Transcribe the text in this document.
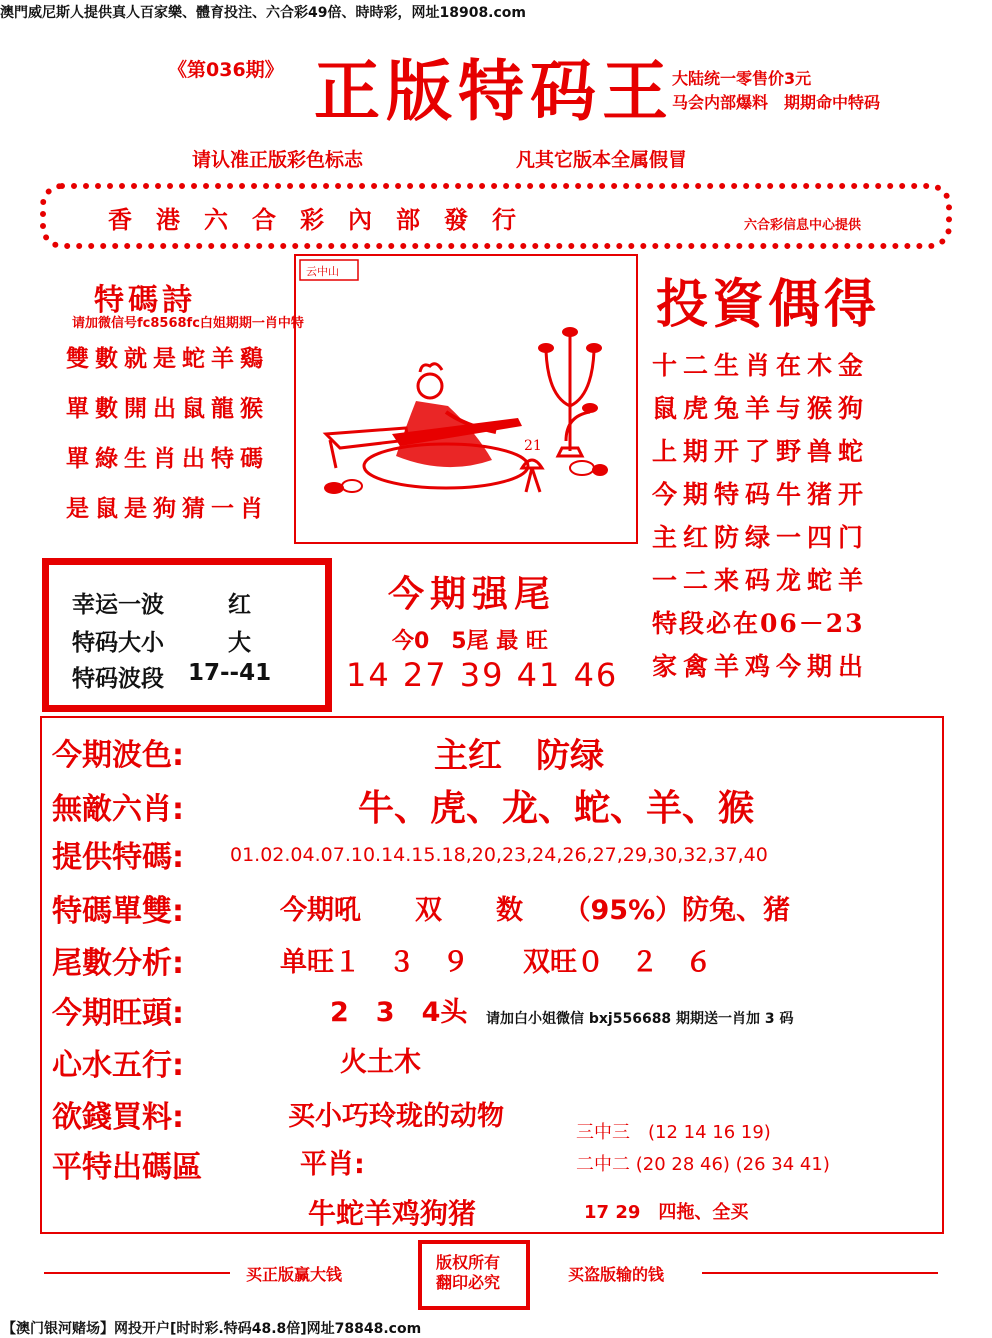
澳門威尼斯人提供真人百家樂、體育投注、六合彩49倍、時時彩，网址18908.com
《第036期》 正版特码王
大陆统一零售价3元
马会内部爆料　期期命中特码
请认准正版彩色标志	凡其它版本全属假冒
香　港　六　合　彩　內　部　發　行	六合彩信息中心提供
特碼詩
请加微信号fc8568fc白姐期期一肖中特
雙數就是蛇羊鷄
單數開出鼠龍猴
單綠生肖出特碼
是鼠是狗猜一肖
云中山
21
投資偶得
十二生肖在木金
鼠虎兔羊与猴狗
上期开了野兽蛇
今期特码牛猪开
主红防绿一四门
一二来码龙蛇羊
特段必在06－23
家禽羊鸡今期出
幸运一波	红
特码大小	大
特码波段 17--41
今期强尾
今0　5尾 最 旺
14 27 39 41 46
今期波色:	主红　防绿
無敵六肖:	牛、虎、龙、蛇、羊、猴
提供特碼: 01.02.04.07.10.14.15.18,20,23,24,26,27,29,30,32,37,40
特碼單雙:	今期吼　　双　　数　　（95%）防兔、猪
尾數分析:	单旺１　３　９　　双旺０　２　６
今期旺頭:	2　3　4头 请加白小姐微信 bxj556688 期期送一肖加 3 码
心水五行:	火土木
欲錢買料:	买小巧玲珑的动物
平特出碼區	平肖:
三中三　(12 14 16 19)
二中二 (20 28 46) (26 34 41)
牛蛇羊鸡狗猪	17 29　四拖、全买
买正版赢大钱
版权所有
翻印必究	买盗版输的钱
【澳门银河赌场】网投开户[时时彩.特码48.8倍]网址78848.com
